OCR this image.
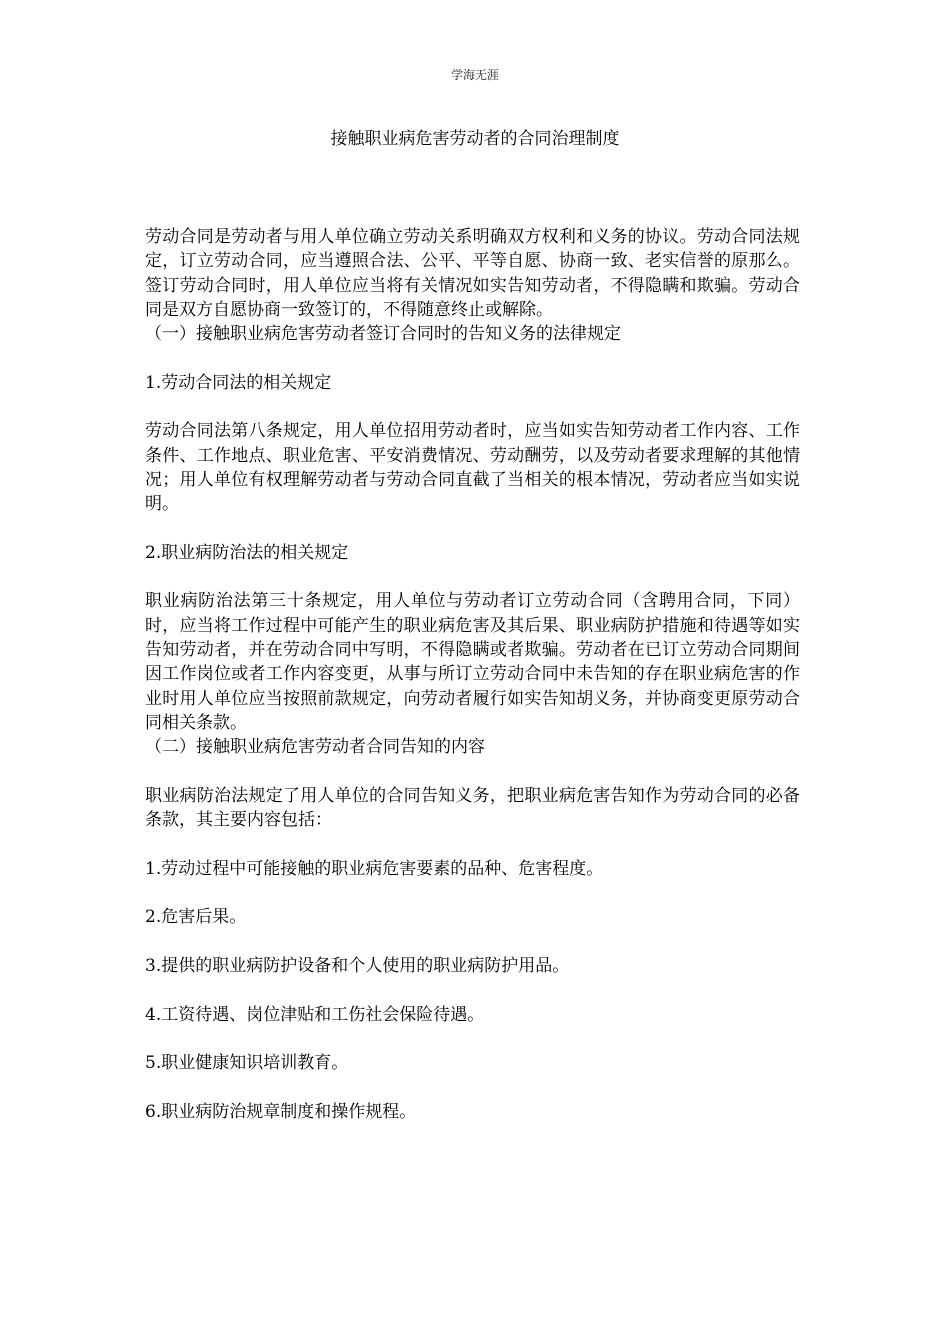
学海无涯
接触职业病危害劳动者的合同治理制度

劳动合同是劳动者与用人单位确立劳动关系明确双方权利和义务的协议。劳动合同法规定，订立劳动合同，应当遵照合法、公平、平等自愿、协商一致、老实信誉的原那么。签订劳动合同时，用人单位应当将有关情况如实告知劳动者，不得隐瞒和欺骗。劳动合同是双方自愿协商一致签订的，不得随意终止或解除。

（一）接触职业病危害劳动者签订合同时的告知义务的法律规定

1.劳动合同法的相关规定

劳动合同法第八条规定，用人单位招用劳动者时，应当如实告知劳动者工作内容、工作条件、工作地点、职业危害、平安消费情况、劳动酬劳，以及劳动者要求理解的其他情况；用人单位有权理解劳动者与劳动合同直截了当相关的根本情况，劳动者应当如实说明。

2.职业病防治法的相关规定

职业病防治法第三十条规定，用人单位与劳动者订立劳动合同（含聘用合同，下同）时，应当将工作过程中可能产生的职业病危害及其后果、职业病防护措施和待遇等如实告知劳动者，并在劳动合同中写明，不得隐瞒或者欺骗。劳动者在已订立劳动合同期间因工作岗位或者工作内容变更，从事与所订立劳动合同中未告知的存在职业病危害的作业时用人单位应当按照前款规定，向劳动者履行如实告知胡义务，并协商变更原劳动合同相关条款。

（二）接触职业病危害劳动者合同告知的内容

职业病防治法规定了用人单位的合同告知义务，把职业病危害告知作为劳动合同的必备条款，其主要内容包括：

1.劳动过程中可能接触的职业病危害要素的品种、危害程度。

2.危害后果。

3.提供的职业病防护设备和个人使用的职业病防护用品。

4.工资待遇、岗位津贴和工伤社会保险待遇。

5.职业健康知识培训教育。

6.职业病防治规章制度和操作规程。
